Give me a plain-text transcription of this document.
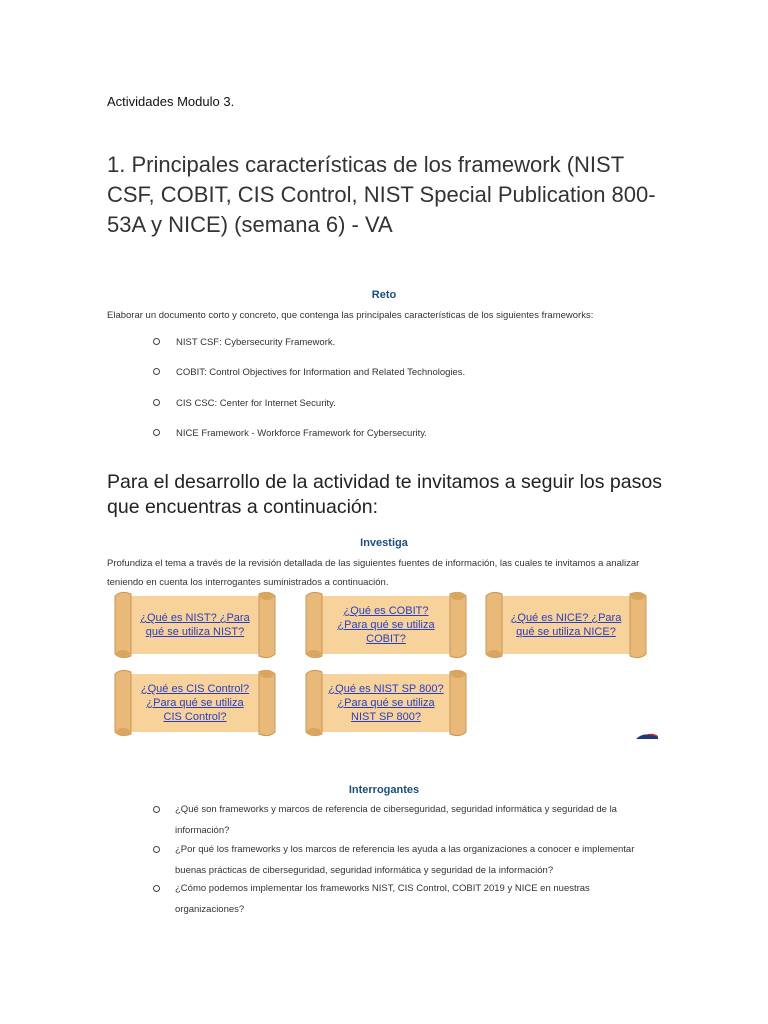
Actividades Modulo 3.
1. Principales características de los framework (NIST CSF, COBIT, CIS Control, NIST Special Publication 800-53A y NICE) (semana 6) - VA
Reto

Elaborar un documento corto y concreto, que contenga las principales características de los siguientes frameworks:

NIST CSF: Cybersecurity Framework.
COBIT: Control Objectives for Information and Related Technologies.
CIS CSC: Center for Internet Security.
NICE Framework - Workforce Framework for Cybersecurity.
Para el desarrollo de la actividad te invitamos a seguir los pasos que encuentras a continuación:
Investiga

Profundiza el tema a través de la revisión detallada de las siguientes fuentes de información, las cuales te invitamos a analizar teniendo en cuenta los interrogantes suministrados a continuación.

¿Qué es NIST? ¿Para qué se utiliza NIST?
¿Qué es COBIT? ¿Para qué se utiliza COBIT?
¿Qué es NICE? ¿Para qué se utiliza NICE?
¿Qué es CIS Control? ¿Para qué se utiliza CIS Control?
¿Qué es NIST SP 800? ¿Para qué se utiliza NIST SP 800?
Interrogantes
¿Qué son frameworks y marcos de referencia de ciberseguridad, seguridad informática y seguridad de la información?
¿Por qué los frameworks y los marcos de referencia les ayuda a las organizaciones a conocer e implementar buenas prácticas de ciberseguridad, seguridad informática y seguridad de la información?
¿Cómo podemos implementar los frameworks NIST, CIS Control, COBIT 2019 y NICE en nuestras organizaciones?
